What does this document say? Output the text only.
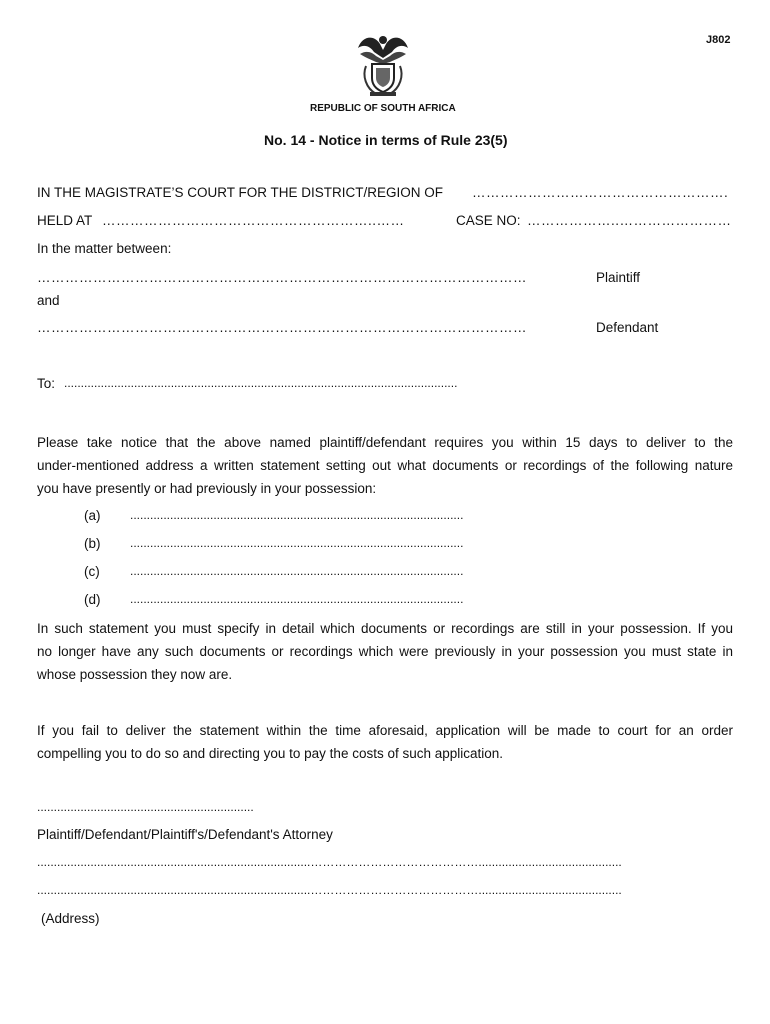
J802
REPUBLIC OF SOUTH AFRICA
No. 14 - Notice in terms of Rule 23(5)
IN THE MAGISTRATE’S COURT FOR THE DISTRICT/REGION OF ……………………………………………….
HELD AT …………………………………………………..……	CASE NO: ………………..……………………
In the matter between:
……………………………………………………………………………………………	Plaintiff
and
……………………………………………………………………………………………	Defendant
To: ......................................................................................................................
Please take notice that the above named plaintiff/defendant requires you within 15 days to deliver to the
under-mentioned address a written statement setting out what documents or recordings of the following nature
you have presently or had previously in your possession:
(a) ....................................................................................................
(b) ....................................................................................................
(c)	....................................................................................................
(d) ....................................................................................................
In such statement you must specify in detail which documents or recordings are still in your possession. If you
no longer have any such documents or recordings which were previously in your possession you must state in
whose possession they now are.
If you fail to deliver the statement within the time aforesaid, application will be made to court for an order
compelling you to do so and directing you to pay the costs of such application.
.................................................................
Plaintiff/Defendant/Plaintiff's/Defendant's Attorney
..................................................................................……………………………………...........................................
..................................................................................……………………………………...........................................
(Address)
